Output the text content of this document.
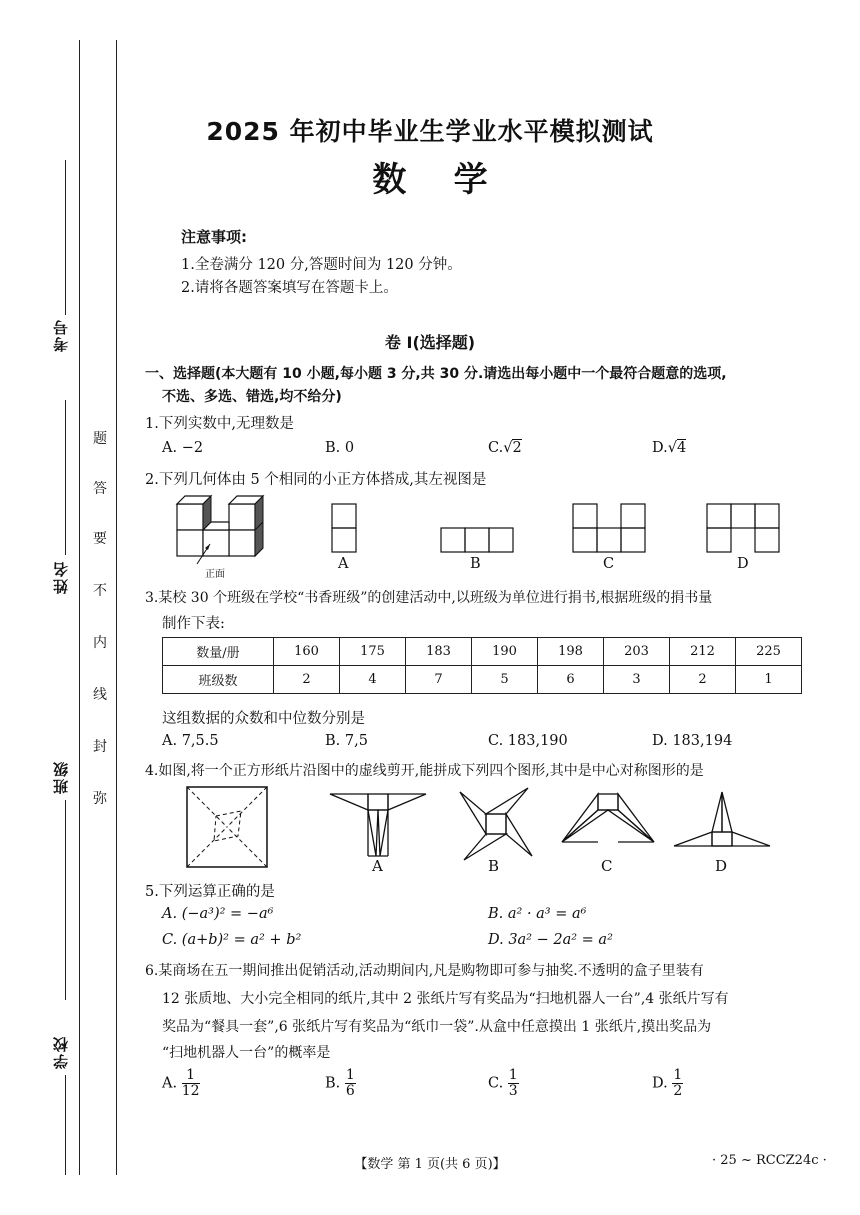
考号
姓名
班级
学校
题
答
要
不
内
线
封
弥
2025 年初中毕业生学业水平模拟测试
数    学
注意事项:
1.全卷满分 120 分,答题时间为 120 分钟。
2.请将各题答案填写在答题卡上。
卷 Ⅰ(选择题)
一、选择题(本大题有 10 小题,每小题 3 分,共 30 分.请选出每小题中一个最符合题意的选项,
不选、多选、错选,均不给分)
1.下列实数中,无理数是
A. −2	B. 0	C.√2	D.√4
2.下列几何体由 5 个相同的小正方体搭成,其左视图是
正面
A	B	C	D
3.某校 30 个班级在学校“书香班级”的创建活动中,以班级为单位进行捐书,根据班级的捐书量
制作下表:
数量/册	160	175	183	190	198	203	212	225
班级数	2	4	7	5	6	3	2	1
这组数据的众数和中位数分别是
A. 7,5.5	B. 7,5	C. 183,190	D. 183,194
4.如图,将一个正方形纸片沿图中的虚线剪开,能拼成下列四个图形,其中是中心对称图形的是
A	B	C	D
5.下列运算正确的是
A. (−a³)² = −a⁶	B. a² · a³ = a⁶
C. (a+b)² = a² + b²	D. 3a² − 2a² = a²
6.某商场在五一期间推出促销活动,活动期间内,凡是购物即可参与抽奖.不透明的盒子里装有
12 张质地、大小完全相同的纸片,其中 2 张纸片写有奖品为“扫地机器人一台”,4 张纸片写有
奖品为“餐具一套”,6 张纸片写有奖品为“纸巾一袋”.从盒中任意摸出 1 张纸片,摸出奖品为
“扫地机器人一台”的概率是
A. $\frac{1}{12}$	B. $\frac{1}{6}$	C. $\frac{1}{3}$	D. $\frac{1}{2}$
【数学 第 1 页(共 6 页)】	· 25 ~ RCCZ24c ·
